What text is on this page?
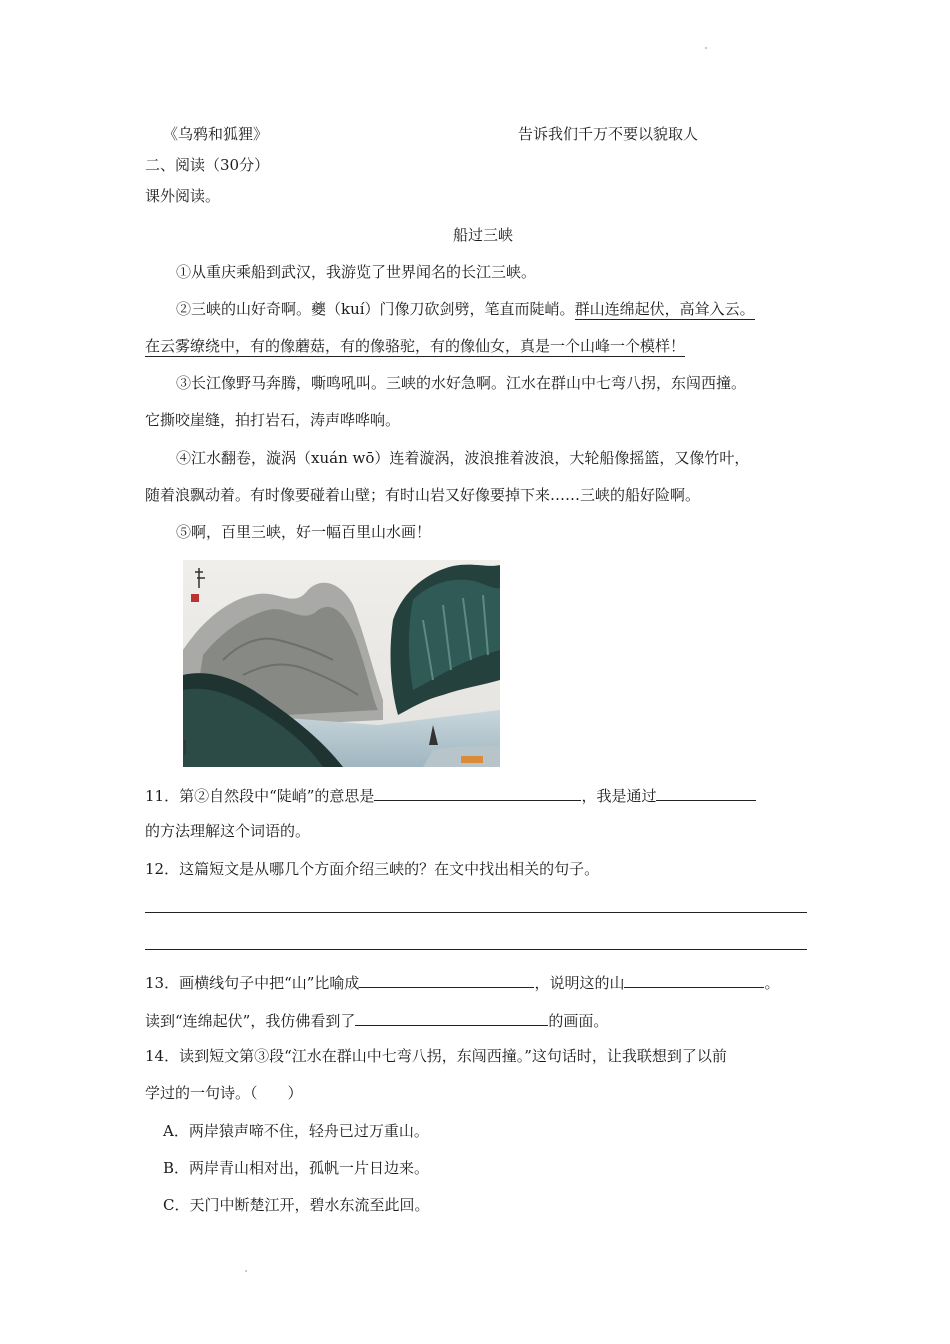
《乌鸦和狐狸》	告诉我们千万不要以貌取人
二、阅读（30分）
课外阅读。
船过三峡
①从重庆乘船到武汉，我游览了世界闻名的长江三峡。
②三峡的山好奇啊。夔（kuí）门像刀砍剑劈，笔直而陡峭。群山连绵起伏，高耸入云。
在云雾缭绕中，有的像蘑菇，有的像骆驼，有的像仙女，真是一个山峰一个模样！
③长江像野马奔腾，嘶鸣吼叫。三峡的水好急啊。江水在群山中七弯八拐，东闯西撞。
它撕咬崖缝，拍打岩石，涛声哗哗响。
④江水翻卷，漩涡（xuán wō）连着漩涡，波浪推着波浪，大轮船像摇篮，又像竹叶，
随着浪飘动着。有时像要碰着山壁；有时山岩又好像要掉下来……三峡的船好险啊。
⑤啊，百里三峡，好一幅百里山水画！
11．第②自然段中“陡峭”的意思是	，我是通过
的方法理解这个词语的。
12．这篇短文是从哪几个方面介绍三峡的？在文中找出相关的句子。
13．画横线句子中把“山”比喻成	，说明这的山	。
读到“连绵起伏”，我仿佛看到了	的画面。
14．读到短文第③段“江水在群山中七弯八拐，东闯西撞。”这句话时，让我联想到了以前
学过的一句诗。（　　）
A．两岸猿声啼不住，轻舟已过万重山。
B．两岸青山相对出，孤帆一片日边来。
C．天门中断楚江开，碧水东流至此回。
